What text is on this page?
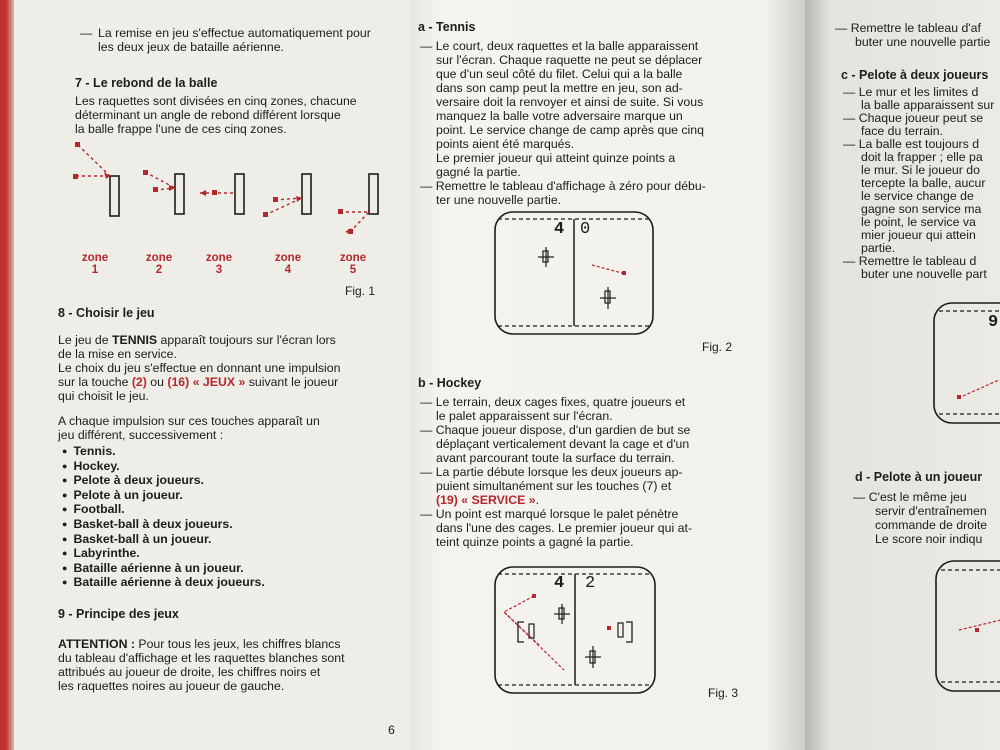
— La remise en jeu s'effectue automatiquement pour
les deux jeux de bataille aérienne.
7 - Le rebond de la balle
Les raquettes sont divisées en cinq zones, chacune
déterminant un angle de rebond différent lorsque
la balle frappe l'une de ces cinq zones.
zone
1
zone
2
zone
3
zone
4
zone
5
Fig. 1
8 - Choisir le jeu
Le jeu de TENNIS apparaît toujours sur l'écran lors
de la mise en service.
Le choix du jeu s'effectue en donnant une impulsion
sur la touche (2) ou (16) « JEUX » suivant le joueur
qui choisit le jeu.
A chaque impulsion sur ces touches apparaît un
jeu différent, successivement :
● Tennis.
● Hockey.
● Pelote à deux joueurs.
● Pelote à un joueur.
● Football.
● Basket-ball à deux joueurs.
● Basket-ball à un joueur.
● Labyrinthe.
● Bataille aérienne à un joueur.
● Bataille aérienne à deux joueurs.
9 - Principe des jeux
ATTENTION : Pour tous les jeux, les chiffres blancs
du tableau d'affichage et les raquettes blanches sont
attribués au joueur de droite, les chiffres noirs et
les raquettes noires au joueur de gauche.
6
a - Tennis
— Le court, deux raquettes et la balle apparaissent
sur l'écran. Chaque raquette ne peut se déplacer
que d'un seul côté du filet. Celui qui a la balle
dans son camp peut la mettre en jeu, son ad-
versaire doit la renvoyer et ainsi de suite. Si vous
manquez la balle votre adversaire marque un
point. Le service change de camp après que cinq
points aient été marqués.
Le premier joueur qui atteint quinze points a
gagné la partie.
— Remettre le tableau d'affichage à zéro pour débu-
ter une nouvelle partie.
4 0
Fig. 2
b - Hockey
— Le terrain, deux cages fixes, quatre joueurs et
le palet apparaissent sur l'écran.
— Chaque joueur dispose, d'un gardien de but se
déplaçant verticalement devant la cage et d'un
avant parcourant toute la surface du terrain.
— La partie débute lorsque les deux joueurs ap-
puient simultanément sur les touches (7) et
(19) « SERVICE ».
— Un point est marqué lorsque le palet pénètre
dans l'une des cages. Le premier joueur qui at-
teint quinze points a gagné la partie.
4 2
Fig. 3
— Remettre le tableau d'af
buter une nouvelle partie
c - Pelote à deux joueurs
— Le mur et les limites d
la balle apparaissent sur
— Chaque joueur peut se
face du terrain.
— La balle est toujours d
doit la frapper ; elle pa
le mur. Si le joueur do
tercepte la balle, aucur
le service change de
gagne son service ma
le point, le service va
mier joueur qui attein
partie.
— Remettre le tableau d
buter une nouvelle part
9
d - Pelote à un joueur
— C'est le même jeu
servir d'entraînemen
commande de droite
Le score noir indiqu
